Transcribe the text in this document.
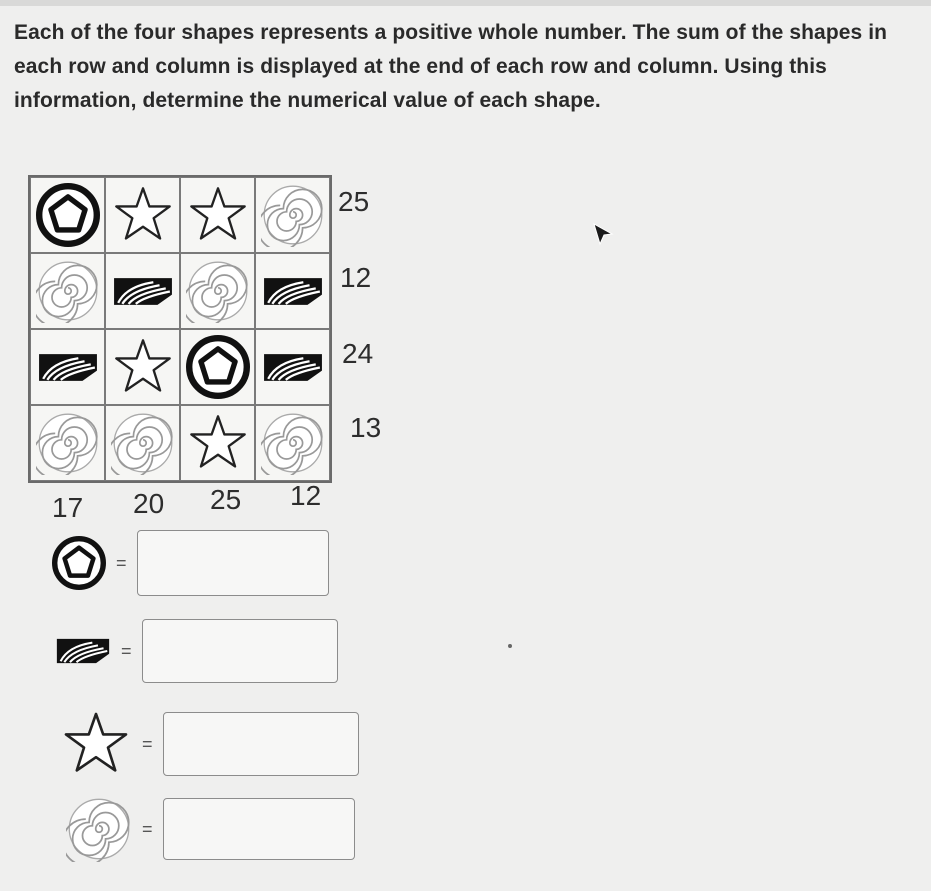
Each of the four shapes represents a positive whole number. The sum of the shapes in each row and column is displayed at the end of each row and column. Using this information, determine the numerical value of each shape.
25
12
24
13
17 20 25 12
=
=
=
=
